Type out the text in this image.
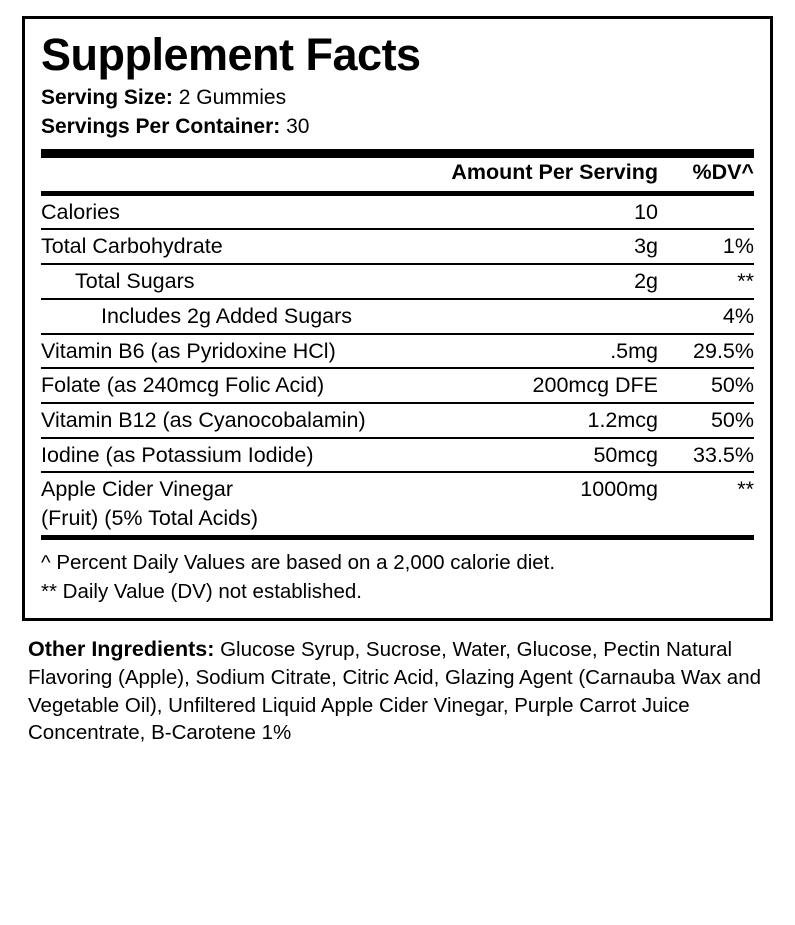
Supplement Facts
Serving Size: 2 Gummies
Servings Per Container: 30
	Amount Per Serving	%DV^
Calories	10	
Total Carbohydrate	3g	1%
Total Sugars	2g	**
Includes 2g Added Sugars		4%
Vitamin B6 (as Pyridoxine HCl)	.5mg	29.5%
Folate (as 240mcg Folic Acid)	200mcg DFE	50%
Vitamin B12 (as Cyanocobalamin)	1.2mcg	50%
Iodine (as Potassium Iodide)	50mcg	33.5%
Apple Cider Vinegar	1000mg	**
(Fruit) (5% Total Acids)		
^ Percent Daily Values are based on a 2,000 calorie diet.
** Daily Value (DV) not established.
Other Ingredients: Glucose Syrup, Sucrose, Water, Glucose, Pectin Natural Flavoring (Apple), Sodium Citrate, Citric Acid, Glazing Agent (Carnauba Wax and Vegetable Oil), Unfiltered Liquid Apple Cider Vinegar, Purple Carrot Juice Concentrate, B-Carotene 1%
